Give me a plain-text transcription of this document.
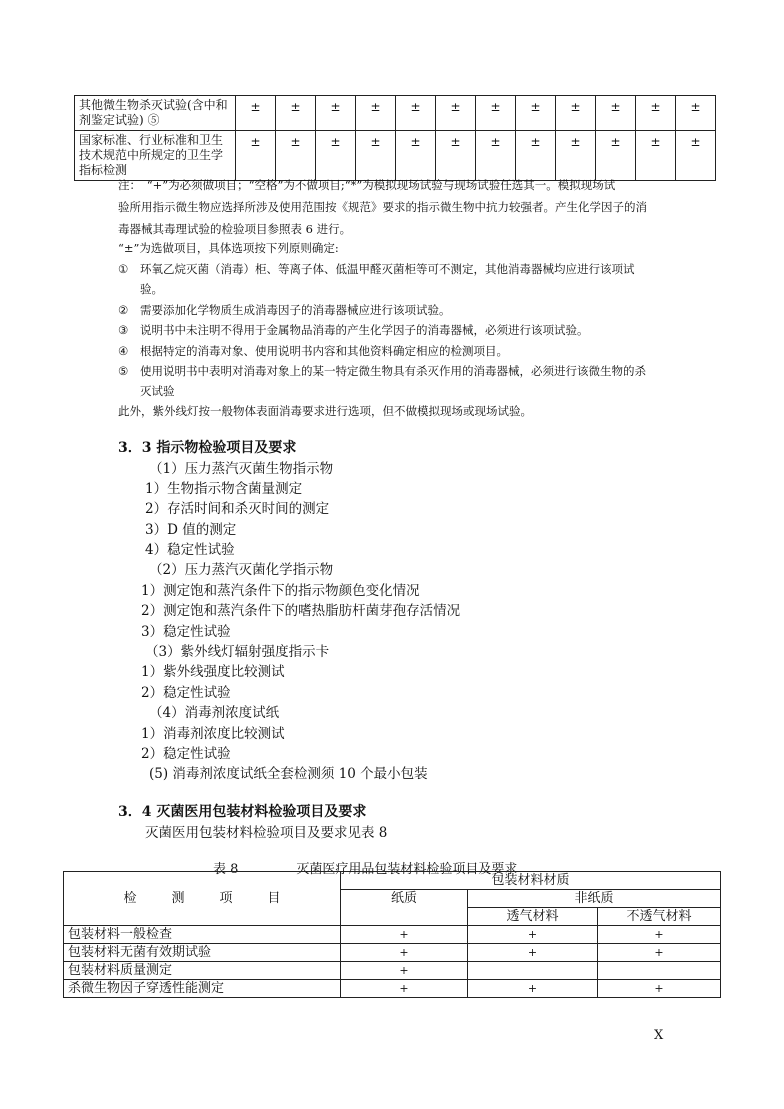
其他微生物杀灭试验(含中和
剂鉴定试验) ⑤	±	±	±	±	±	±	±	±	±	±	±	±

国家标准、行业标准和卫生
技术规范中所规定的卫生学
指标检测	±	±	±	±	±	±	±	±	±	±	±	±
注：　“+”为必须做项目；“空格”为不做项目;“*”为模拟现场试验与现场试验任选其一。模拟现场试
验所用指示微生物应选择所涉及使用范围按《规范》要求的指示微生物中抗力较强者。产生化学因子的消
毒器械其毒理试验的检验项目参照表 6 进行。
“±”为选做项目，具体选项按下列原则确定:
① 环氧乙烷灭菌（消毒）柜、等离子体、低温甲醛灭菌柜等可不测定，其他消毒器械均应进行该项试
验。
② 需要添加化学物质生成消毒因子的消毒器械应进行该项试验。
③ 说明书中未注明不得用于金属物品消毒的产生化学因子的消毒器械，必须进行该项试验。
④ 根据特定的消毒对象、使用说明书内容和其他资料确定相应的检测项目。
⑤ 使用说明书中表明对消毒对象上的某一特定微生物具有杀灭作用的消毒器械，必须进行该微生物的杀
灭试验
此外，紫外线灯按一般物体表面消毒要求进行选项，但不做模拟现场或现场试验。
3．3 指示物检验项目及要求
（1）压力蒸汽灭菌生物指示物
1）生物指示物含菌量测定
2）存活时间和杀灭时间的测定
3）D 值的测定
4）稳定性试验
（2）压力蒸汽灭菌化学指示物
1）测定饱和蒸汽条件下的指示物颜色变化情况
2）测定饱和蒸汽条件下的嗜热脂肪杆菌芽孢存活情况
3）稳定性试验
（3）紫外线灯辐射强度指示卡
1）紫外线强度比较测试
2）稳定性试验
（4）消毒剂浓度试纸
1）消毒剂浓度比较测试
2）稳定性试验
(5) 消毒剂浓度试纸全套检测须 10 个最小包装
3．4 灭菌医用包装材料检验项目及要求
灭菌医用包装材料检验项目及要求见表 8
表 8	灭菌医疗用品包装材料检验项目及要求
检 测 项 目	包装材料材质		
	纸质	非纸质	
		透气材料	不透气材料
包装材料一般检查	+	+	+
包装材料无菌有效期试验	+	+	+
包装材料质量测定	+		
杀微生物因子穿透性能测定	+	+	+
X
